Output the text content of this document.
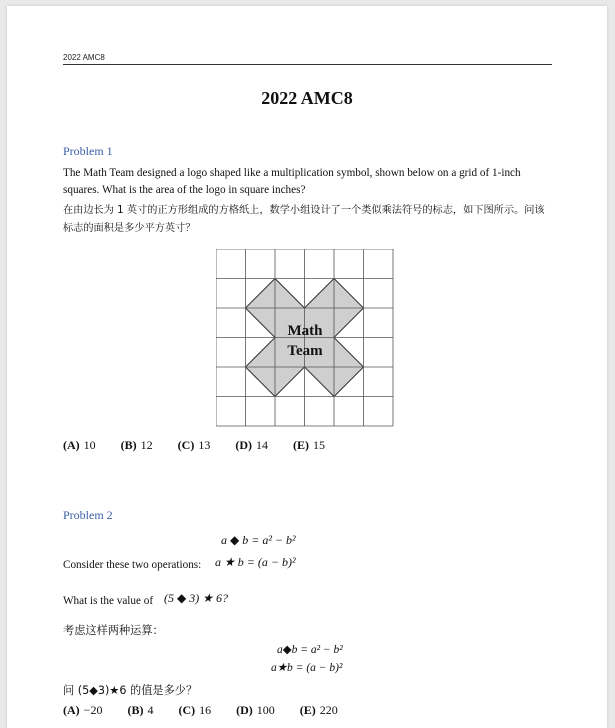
2022 AMC8
2022 AMC8
Problem 1
The Math Team designed a logo shaped like a multiplication symbol, shown below on a grid of 1-inch squares. What is the area of the logo in square inches?
在由边长为 1 英寸的正方形组成的方格纸上，数学小组设计了一个类似乘法符号的标志，如下图所示。问该标志的面积是多少平方英寸？
Math
Team
(A) 10 (B) 12 (C) 13 (D) 14 (E) 15
Problem 2
a ◆ b = a² − b²
Consider these two operations: a ★ b = (a − b)²
What is the value of (5 ◆ 3) ★ 6?
考虑这样两种运算：
a◆b = a² − b²
a★b = (a − b)²
问 (5◆3)★6 的值是多少？
(A) −20 (B) 4 (C) 16 (D) 100 (E) 220
